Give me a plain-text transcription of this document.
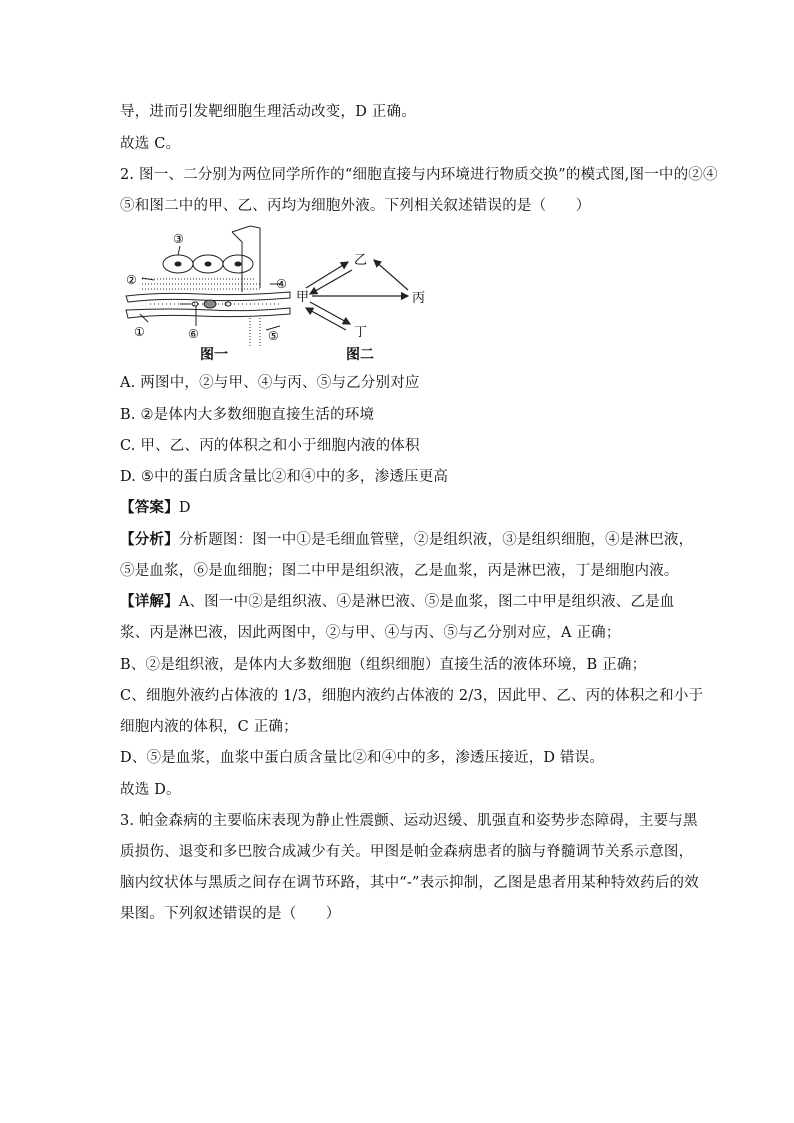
导，进而引发靶细胞生理活动改变，D 正确。
故选 C。
2. 图一、二分别为两位同学所作的“细胞直接与内环境进行物质交换”的模式图,图一中的②④
⑤和图二中的甲、乙、丙均为细胞外液。下列相关叙述错误的是（　　）
③
②	④
①	⑥	⑤
甲
乙
丙
丁
图一	图二
A. 两图中，②与甲、④与丙、⑤与乙分别对应
B. ②是体内大多数细胞直接生活的环境
C. 甲、乙、丙的体积之和小于细胞内液的体积
D. ⑤中的蛋白质含量比②和④中的多，渗透压更高
【答案】D
【分析】分析题图：图一中①是毛细血管壁，②是组织液，③是组织细胞，④是淋巴液，
⑤是血浆，⑥是血细胞；图二中甲是组织液，乙是血浆，丙是淋巴液，丁是细胞内液。
【详解】A、图一中②是组织液、④是淋巴液、⑤是血浆，图二中甲是组织液、乙是血
浆、丙是淋巴液，因此两图中，②与甲、④与丙、⑤与乙分别对应，A 正确；
B、②是组织液，是体内大多数细胞（组织细胞）直接生活的液体环境，B 正确；
C、细胞外液约占体液的 1/3，细胞内液约占体液的 2/3，因此甲、乙、丙的体积之和小于
细胞内液的体积，C 正确；
D、⑤是血浆，血浆中蛋白质含量比②和④中的多，渗透压接近，D 错误。
故选 D。
3. 帕金森病的主要临床表现为静止性震颤、运动迟缓、肌强直和姿势步态障碍，主要与黑
质损伤、退变和多巴胺合成减少有关。甲图是帕金森病患者的脑与脊髓调节关系示意图，
脑内纹状体与黑质之间存在调节环路，其中“-”表示抑制，乙图是患者用某种特效药后的效
果图。下列叙述错误的是（　　）
